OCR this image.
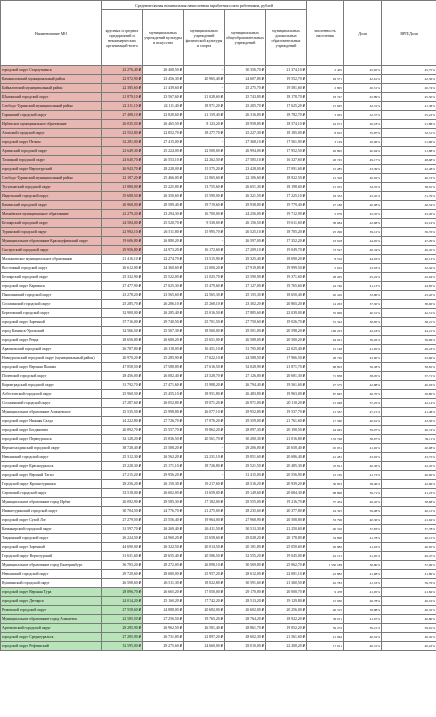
Наименование МО	Среднемесячная номинальная начисленная заработная плата работников, рублей					численность населения	Доля	ВРП/Доля
	крупных и средних предприятий и некоммерческих организаций-всего	муниципальных учреждений культуры и искусства	муниципальных учреждений физической культуры и спорта	муниципальных общеобразовательных учреждений	муниципальных дошкольных образовательных учреждений			
городской округ Староуткинск	22 276,40 ₽	26 408,50 ₽	-	30 356,70 ₽	21 374,10 ₽	2 405	45,65%	45,75%
Камышловский муниципальный район	22 972,90 ₽	23 456,30 ₽	20 965,40 ₽	24 607,80 ₽	19 552,70 ₽	29 571	42,61%	42,56%
Байкаловский муниципальный район	22 385,60 ₽	21 439,60 ₽	-	25 275,70 ₽	19 581,60 ₽	2 805	20,51%	20,74%
Шалинский городской округ	21 879,10 ₽	23 567,60 ₽	21 028,60 ₽	25 743,80 ₽	18 178,70 ₽	18 747	45,89%	45,50%
Слободо-Туринский муниципальный район	22 211,10 ₽	24 111,40 ₽	18 971,20 ₽	25 205,70 ₽	17 625,20 ₽	15 665	42,31%	41,38%
Гаринский городской округ	27 488,10 ₽	23 828,60 ₽	21 159,40 ₽	26 316,80 ₽	18 782,70 ₽	3 925	22,57%	25,22%
Ирбитское муниципальное образование	26 035,50 ₽	26 465,50 ₽	8 123,20 ₽	29 958,80 ₽	18 574,10 ₽	24 071	20,18%	21,88%
Азовский городской округ	22 552,80 ₽	22 852,70 ₽	18 277,70 ₽	25 227,30 ₽	18 185,00 ₽	8 815	35,87%	32,51%
городской округ Пелым	32 281,00 ₽	27 415,00 ₽	-	27 368,10 ₽	17 561,90 ₽	3 129	20,06%	21,86%
Артинский городской округ	22 649,30 ₽	25 224,00 ₽	22 500,00 ₽	26 994,00 ₽	17 952,50 ₽	26 895	40,94%	21,88%
Талицкий городской округ	24 640,70 ₽	26 553,10 ₽	22 262,50 ₽	27 585,10 ₽	16 327,60 ₽	26 745	49,17%	48,68%
городской округ Верхотурский	26 943,70 ₽	28 228,00 ₽	15 575,20 ₽	23 428,00 ₽	17 091,60 ₽	15 285	43,39%	42,28%
Слободо-Туринский муниципальный район	22 187,20 ₽	25 466,00 ₽	21 065,60 ₽	22 106,60 ₽	18 922,50 ₽	12 326	40,02%	40,72%
Тугулымский городской округ	21 880,00 ₽	25 225,80 ₽	13 755,60 ₽	26 651,30 ₽	18 198,60 ₽	21 915	34,35%	38,91%
Ивдельский городской округ	35 608,50 ₽	26 350,60 ₽	15 590,00 ₽	26 321,50 ₽	17 225,10 ₽	18 332	43,45%	31,79%
Каменский городской округ	26 968,00 ₽	28 589,40 ₽	19 719,60 ₽	29 938,80 ₽	19 779,40 ₽	27 186	40,08%	40,54%
Махнёвское муниципальное образование	22 279,20 ₽	23 294,30 ₽	16 700,00 ₽	24 256,00 ₽	19 712,90 ₽	5 076	43,35%	43,26%
Белоярский городской округ	24 584,00 ₽	25 520,70 ₽	9 530,00 ₽	26 156,50 ₽	19 611,60 ₽	38 084	42,98%	43,19%
Туринский городской округ	22 992,10 ₽	26 511,80 ₽	15 995,70 ₽	26 525,10 ₽	18 705,20 ₽	25 296	39,12%	39,76%
Муниципальное образование Красноуфимский округ	19 606,80 ₽	26 880,20 ₽	-	26 597,00 ₽	17 352,20 ₽	23 918	44,05%	47,29%
Сысертский городской округ	29 956,80 ₽	24 973,20 ₽	16 172,60 ₽	27 209,10 ₽	19 049,70 ₽	73 547	40,34%	40,45%
Малышевское муниципальное образование	21 416,10 ₽	22 274,70 ₽	13 515,90 ₽	29 325,40 ₽	18 690,20 ₽	8 516	44,03%	40,13%
Восточный городской округ	26 612,00 ₽	24 360,60 ₽	21 000,20 ₽	27 919,80 ₽	19 999,50 ₽	5 022	23,03%	32,42%
Белоярский городской округ	25 332,90 ₽	25 522,00 ₽	21 025,70 ₽	25 590,90 ₽	19 371,60 ₽	28 205	45,22%	42,04%
городской округ Карпинск	27 477,90 ₽	27 025,30 ₽	15 479,60 ₽	27 127,00 ₽	19 765,60 ₽	24 746	41,13%	44,85%
Пышминский городской округ	23 278,20 ₽	23 565,60 ₽	22 565,30 ₽	25 155,30 ₽	18 650,40 ₽	20 410	33,86%	43,20%
Сосьвинский городской округ	25 285,70 ₽	26 286,10 ₽	25 268,10 ₽	23 302,20 ₽	20 865,20 ₽	14 263	37,50%	38,00%
Березовский городской округ	32 900,00 ₽	26 285,40 ₽	25 016,50 ₽	27 885,60 ₽	22 039,00 ₽	55 906	40,31%	42,51%
городской округ Заречный	37 716,00 ₽	29 740,50 ₽	25 701,50 ₽	27 750,60 ₽	19 026,70 ₽	31 322	38,85%	38,21%
город Каменск-Уральский	32 566,50 ₽	25 567,30 ₽	18 560,00 ₽	29 501,00 ₽	20 598,20 ₽	169 223	42,18%	44,21%
городской округ Ревда	28 656,80 ₽	26 680,20 ₽	25 651,00 ₽	26 588,00 ₽	20 500,20 ₽	64 021	39,02%	39,96%
Арамильский городской округ	26 787,80 ₽	26 118,00 ₽	16 451,10 ₽	31 705,00 ₽	22 025,40 ₽	15 148	41,05%	40,23%
Новоуральский городской округ (муниципальный район)	26 970,20 ₽	25 285,90 ₽	17 622,10 ₽	24 588,50 ₽	17 966,50 ₽	28 720	43,00%	43,66%
городской округ Верхняя Пышма	47 858,50 ₽	27 588,80 ₽	27 616,50 ₽	32 028,90 ₽	21 871,70 ₽	68 823	39,38%	38,65%
Полевской городской округ	28 456,00 ₽	26 082,40 ₽	23 528,70 ₽	27 126,00 ₽	20 681,30 ₽	71 838	38,05%	37,71%
Кировградский городской округ	31 792,70 ₽	27 471,60 ₽	15 988,20 ₽	26 794,40 ₽	19 561,60 ₽	27 575	42,88%	40,03%
Асбестовский городской округ	25 960,50 ₽	25 455,10 ₽	18 951,80 ₽	26 483,80 ₽	19 963,00 ₽	67 845	40,70%	39,80%
Сосьвинский городской округ	27 287,60 ₽	26 052,80 ₽	19 071,20 ₽	26 971,00 ₽	20 110,20 ₽	21 048	37,25%	42,14%
Муниципальное образование Алапаевское	25 535,50 ₽	25 998,80 ₽	26 077,10 ₽	29 952,80 ₽	19 537,70 ₽	21 567	47,15%	41,48%
городской округ Нижняя Салда	24 222,80 ₽	27 726,70 ₽	17 976,20 ₽	29 359,00 ₽	21 761,60 ₽	17 560	40,61%	43,56%
городской округ Богданович	26 892,70 ₽	25 557,70 ₽	19 862,20 ₽	28 097,30 ₽	20 190,50 ₽	44 945	39,07%	40,74%
городской округ Первоуральск	32 128,20 ₽	25 836,50 ₽	20 561,70 ₽	30 200,30 ₽	21 016,80 ₽	133 748	38,97%	39,11%
Верхнесалдинский городской округ	38 728,40 ₽	25 588,20 ₽	-	29 206,00 ₽	20 658,40 ₽	45 051	41,02%	40,08%
Невьянский городской округ	25 312,30 ₽	26 562,20 ₽	22 231,10 ₽	29 851,60 ₽	20 686,40 ₽	41 281	43,02%	43,75%
городской округ Красноуральск	25 228,30 ₽	25 171,10 ₽	18 726,80 ₽	29 521,50 ₽	20 485,30 ₽	25 811	40,36%	42,45%
городской округ Верхний Тагил	27 215,20 ₽	29 956,20 ₽	-	31 415,00 ₽	20 556,90 ₽	12 165	41,73%	40,00%
Городской округ Краснотурьинск	28 256,20 ₽	26 150,30 ₽	19 217,60 ₽	28 516,20 ₽	20 939,20 ₽	56 853	38,46%	42,96%
Серовский городской округ	33 518,00 ₽	26 602,00 ₽	13 659,00 ₽	29 149,60 ₽	20 684,30 ₽	98 896	39,71%	41,23%
Муниципальное образование город Ирбит	26 092,90 ₽	29 585,30 ₽	17 182,00 ₽	29 555,00 ₽	19 216,70 ₽	37 454	40,45%	38,68%
Нижнетуринский городской округ	30 704,50 ₽	24 776,70 ₽	21 275,00 ₽	28 235,60 ₽	20 377,80 ₽	24 325	39,08%	40,12%
городской округ Сухой Лог	27 279,50 ₽	25 556,40 ₽	19 964,00 ₽	27 968,90 ₽	20 508,80 ₽	33 796	40,36%	41,94%
Качканарский городской округ	31 597,70 ₽	26 269,40 ₽	26 411,50 ₽	30 513,30 ₽	21 250,60 ₽	40 316	37,83%	37,78%
Тавдинский городской округ	26 224,50 ₽	24 960,20 ₽	25 658,60 ₽	29 028,20 ₽	20 178,80 ₽	34 890	41,78%	40,15%
городской округ Заречный	44 690,00 ₽	26 322,50 ₽	20 014,50 ₽	20 181,80 ₽	25 050,60 ₽	26 882	41,03%	40,05%
Городской округ Верхотурский	31 631,60 ₽	28 655,40 ₽	20 586,50 ₽	32 555,20 ₽	19 045,00 ₽	42 151	41,05%	40,47%
Муниципальное образование город Екатеринбург	36 783,20 ₽	28 272,00 ₽	26 898,10 ₽	30 569,80 ₽	25 062,70 ₽	1 350 189	36,80%	37,09%
Невьянский городской округ	29 720,60 ₽	28 680,00 ₽	25 957,20 ₽	28 612,00 ₽	22 081,10 ₽	22 882	41,98%	41,89%
Кушвинский городской округ	26 508,60 ₽	26 511,30 ₽	18 022,80 ₽	30 591,60 ₽	21 360,50 ₽	42 783	41,53%	39,76%
городской округ Верхняя Тура	28 896,70 ₽	26 665,20 ₽	17 050,00 ₽	29 170,00 ₽	20 000,70 ₽	9 478	41,05%	41,84%
городской округ Дегтярск	24 014,20 ₽	25 160,20 ₽	17 742,20 ₽	28 513,20 ₽	19 129,80 ₽	15 930	40,78%	40,19%
Режевской городской округ	27 558,60 ₽	24 888,00 ₽	20 682,00 ₽	26 602,00 ₽	20 256,00 ₽	46 315	39,88%	40,32%
Муниципальное образование город Алапаевск	22 585,50 ₽	27 256,50 ₽	19 765,20 ₽	28 764,20 ₽	18 922,20 ₽	39 011	41,07%	40,80%
Артемовский городской округ	28 285,90 ₽	26 962,50 ₽	26 581,40 ₽	28 861,70 ₽	19 052,20 ₽	59 272	39,21%	39,61%
городской округ Среднеуральск	27 285,90 ₽	26 731,80 ₽	22 897,20 ₽	28 602,30 ₽	21 561,60 ₽	21 064	40,52%	40,45%
городской округ Рефтинский	32 595,00 ₽	29 275,60 ₽	24 660,00 ₽	29 010,00 ₽	22 200,20 ₽	17 611	40,31%	40,22%
